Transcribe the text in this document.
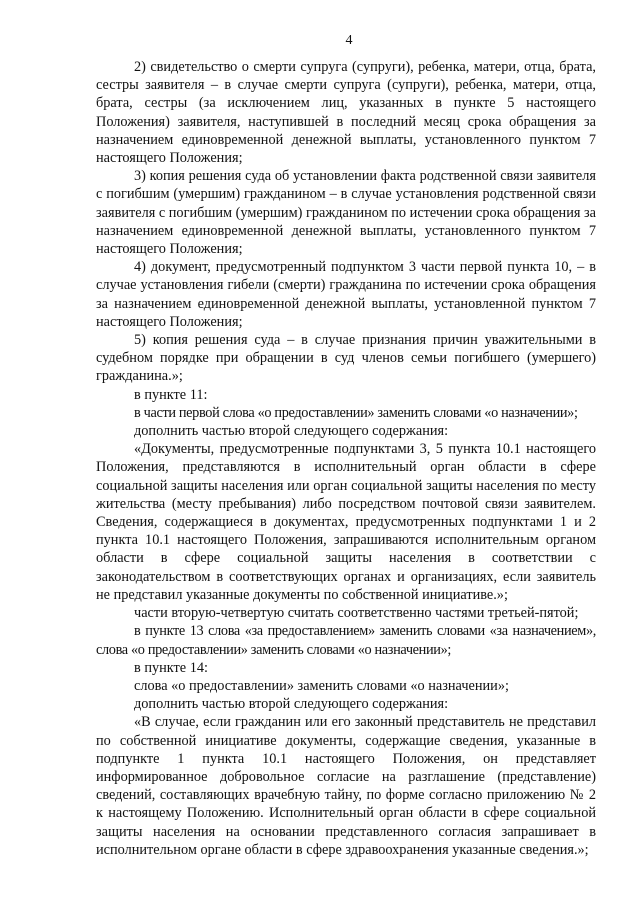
4

2) свидетельство о смерти супруга (супруги), ребенка, матери, отца, брата, сестры заявителя – в случае смерти супруга (супруги), ребенка, матери, отца, брата, сестры (за исключением лиц, указанных в пункте 5 настоящего Положения) заявителя, наступившей в последний месяц срока обращения за назначением единовременной денежной выплаты, установленного пунктом 7 настоящего Положения;

3) копия решения суда об установлении факта родственной связи заявителя с погибшим (умершим) гражданином – в случае установления родственной связи заявителя с погибшим (умершим) гражданином по истечении срока обращения за назначением единовременной денежной выплаты, установленного пунктом 7 настоящего Положения;

4) документ, предусмотренный подпунктом 3 части первой пункта 10, – в случае установления гибели (смерти) гражданина по истечении срока обращения за назначением единовременной денежной выплаты, установленной пунктом 7 настоящего Положения;

5) копия решения суда – в случае признания причин уважительными в судебном порядке при обращении в суд членов семьи погибшего (умершего) гражданина.»;

в пункте 11:

в части первой слова «о предоставлении» заменить словами «о назначении»;

дополнить частью второй следующего содержания:

«Документы, предусмотренные подпунктами 3, 5 пункта 10.1 настоящего Положения, представляются в исполнительный орган области в сфере социальной защиты населения или орган социальной защиты населения по месту жительства (месту пребывания) либо посредством почтовой связи заявителем. Сведения, содержащиеся в документах, предусмотренных подпунктами 1 и 2 пункта 10.1 настоящего Положения, запрашиваются исполнительным органом области в сфере социальной защиты населения в соответствии с законодательством в соответствующих органах и организациях, если заявитель не представил указанные документы по собственной инициативе.»;

части вторую-четвертую считать соответственно частями третьей-пятой;

в пункте 13 слова «за предоставлением» заменить словами «за назначением», слова «о предоставлении» заменить словами «о назначении»;

в пункте 14:

слова «о предоставлении» заменить словами «о назначении»;

дополнить частью второй следующего содержания:

«В случае, если гражданин или его законный представитель не представил по собственной инициативе документы, содержащие сведения, указанные в подпункте 1 пункта 10.1 настоящего Положения, он представляет информированное добровольное согласие на разглашение (представление) сведений, составляющих врачебную тайну, по форме согласно приложению № 2 к настоящему Положению. Исполнительный орган области в сфере социальной защиты населения на основании представленного согласия запрашивает в исполнительном органе области в сфере здравоохранения указанные сведения.»;
